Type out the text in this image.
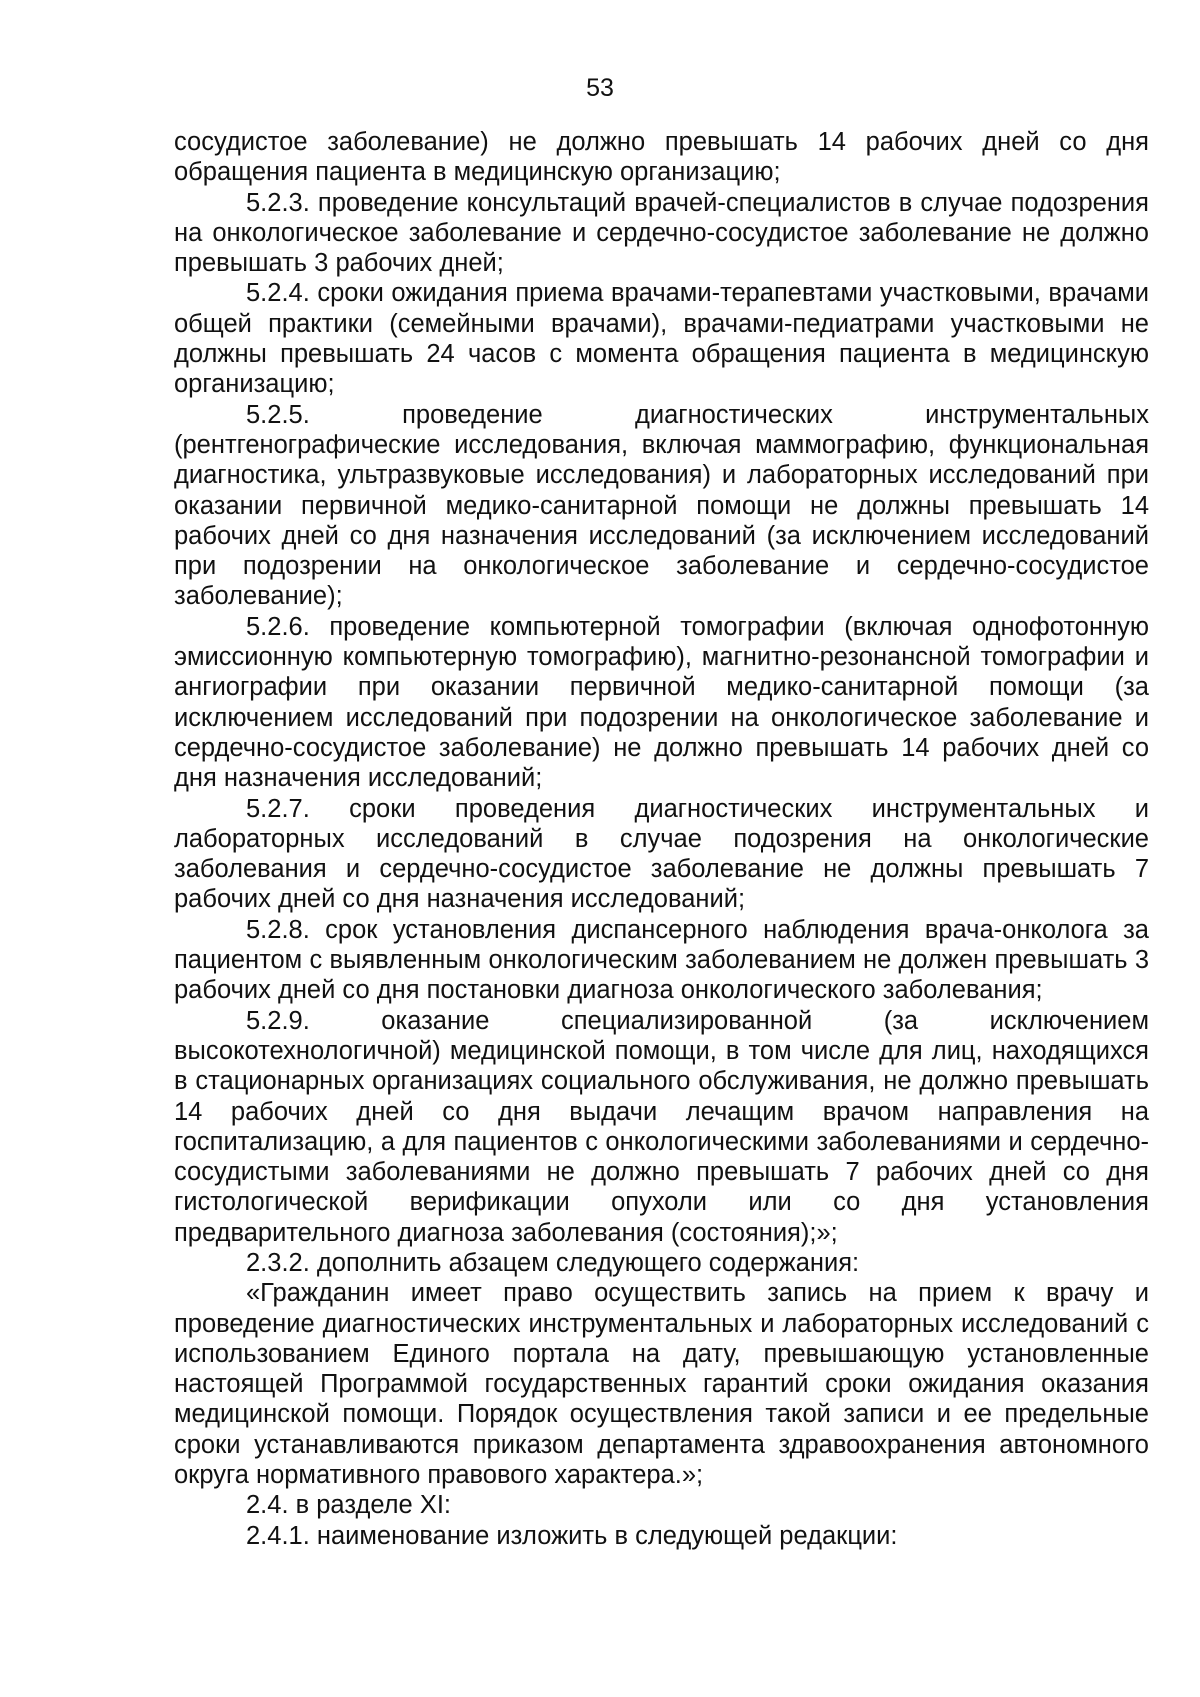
53

сосудистое заболевание) не должно превышать 14 рабочих дней со дня обращения пациента в медицинскую организацию;

5.2.3. проведение консультаций врачей-специалистов в случае подозрения на онкологическое заболевание и сердечно-сосудистое заболевание не должно превышать 3 рабочих дней;

5.2.4. сроки ожидания приема врачами-терапевтами участковыми, врачами общей практики (семейными врачами), врачами-педиатрами участковыми не должны превышать 24 часов с момента обращения пациента в медицинскую организацию;

5.2.5. проведение диагностических инструментальных (рентгенографические исследования, включая маммографию, функциональная диагностика, ультразвуковые исследования) и лабораторных исследований при оказании первичной медико-санитарной помощи не должны превышать 14 рабочих дней со дня назначения исследований (за исключением исследований при подозрении на онкологическое заболевание и сердечно-сосудистое заболевание);

5.2.6. проведение компьютерной томографии (включая однофотонную эмиссионную компьютерную томографию), магнитно-резонансной томографии и ангиографии при оказании первичной медико-санитарной помощи (за исключением исследований при подозрении на онкологическое заболевание и сердечно-сосудистое заболевание) не должно превышать 14 рабочих дней со дня назначения исследований;

5.2.7. сроки проведения диагностических инструментальных и лабораторных исследований в случае подозрения на онкологические заболевания и сердечно-сосудистое заболевание не должны превышать 7 рабочих дней со дня назначения исследований;

5.2.8. срок установления диспансерного наблюдения врача-онколога за пациентом с выявленным онкологическим заболеванием не должен превышать 3 рабочих дней со дня постановки диагноза онкологического заболевания;

5.2.9. оказание специализированной (за исключением высокотехнологичной) медицинской помощи, в том числе для лиц, находящихся в стационарных организациях социального обслуживания, не должно превышать 14 рабочих дней со дня выдачи лечащим врачом направления на госпитализацию, а для пациентов с онкологическими заболеваниями и сердечно-сосудистыми заболеваниями не должно превышать 7 рабочих дней со дня гистологической верификации опухоли или со дня установления предварительного диагноза заболевания (состояния);»;

2.3.2. дополнить абзацем следующего содержания:

«Гражданин имеет право осуществить запись на прием к врачу и проведение диагностических инструментальных и лабораторных исследований с использованием Единого портала на дату, превышающую установленные настоящей Программой государственных гарантий сроки ожидания оказания медицинской помощи. Порядок осуществления такой записи и ее предельные сроки устанавливаются приказом департамента здравоохранения автономного округа нормативного правового характера.»;

2.4. в разделе XI:

2.4.1. наименование изложить в следующей редакции:
